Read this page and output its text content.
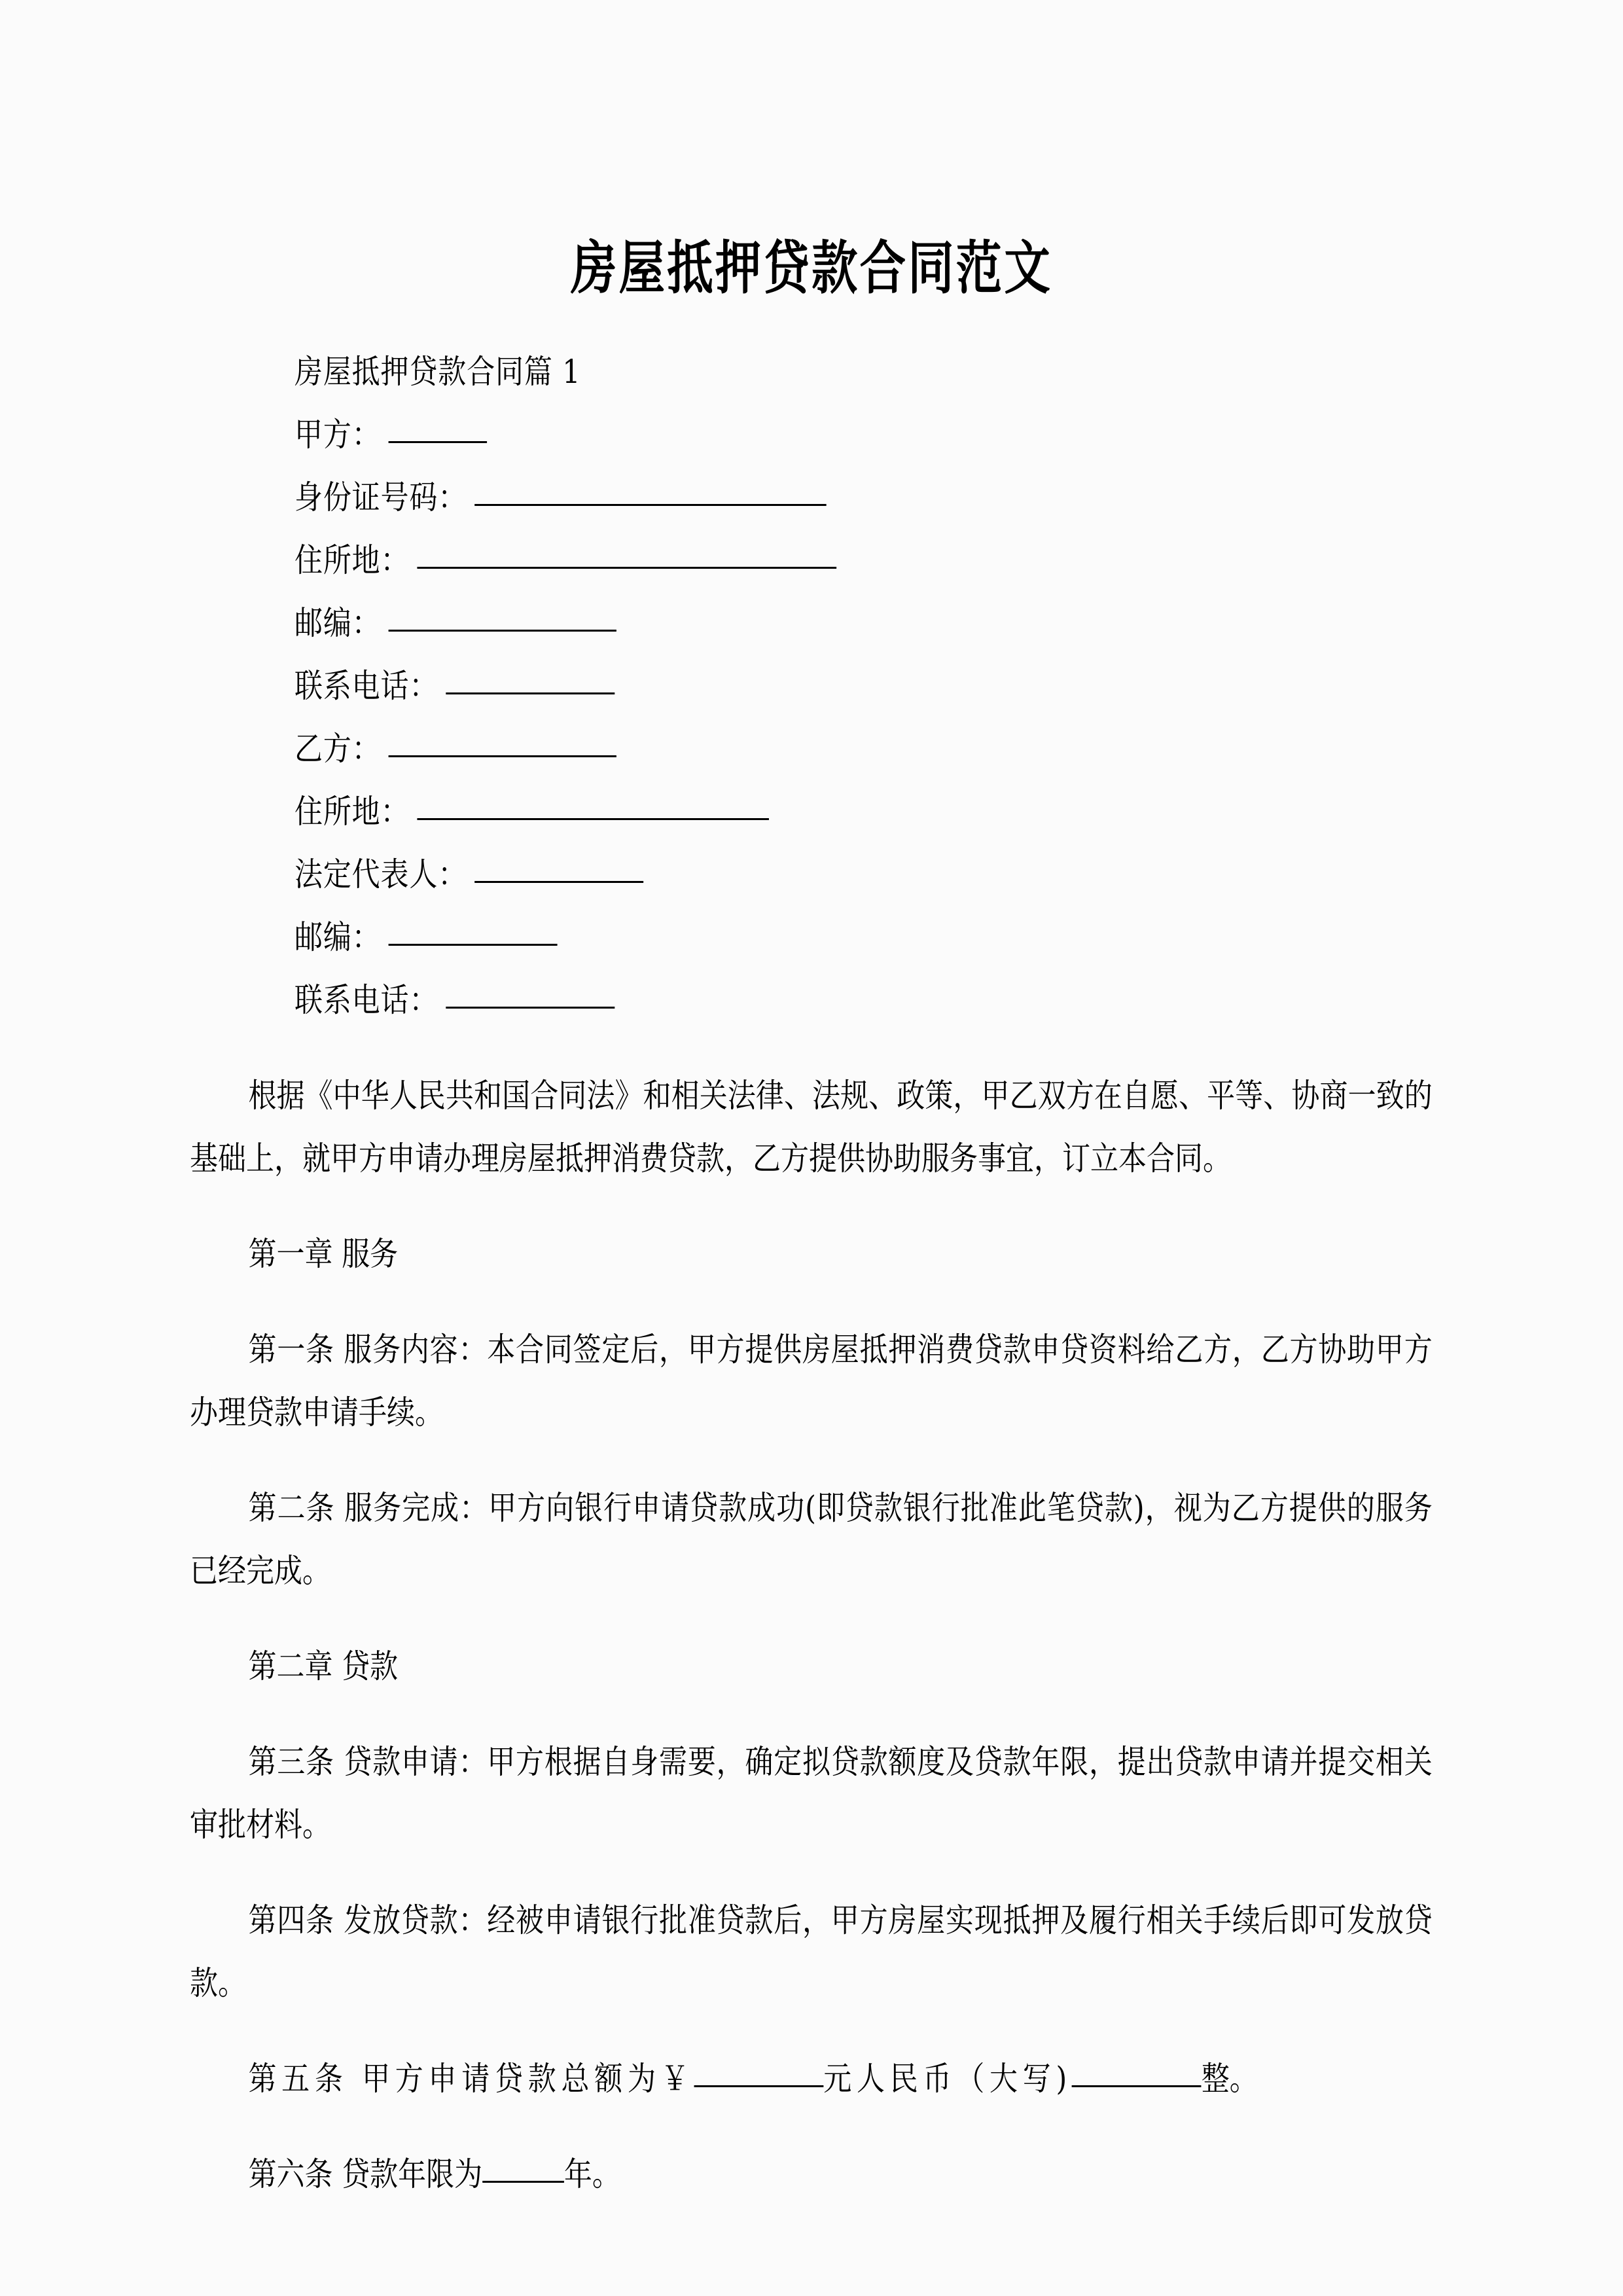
房屋抵押贷款合同范文
房屋抵押贷款合同篇 1
甲方：
身份证号码：
住所地：
邮编：
联系电话：
乙方：
住所地：
法定代表人：
邮编：
联系电话：

根据《中华人民共和国合同法》和相关法律、法规、政策，甲乙双方在自愿、平等、协商一致的基础上，就甲方申请办理房屋抵押消费贷款，乙方提供协助服务事宜，订立本合同。

第一章 服务

第一条 服务内容：本合同签定后，甲方提供房屋抵押消费贷款申贷资料给乙方，乙方协助甲方办理贷款申请手续。

第二条 服务完成：甲方向银行申请贷款成功(即贷款银行批准此笔贷款)，视为乙方提供的服务已经完成。

第二章 贷款

第三条 贷款申请：甲方根据自身需要，确定拟贷款额度及贷款年限，提出贷款申请并提交相关审批材料。

第四条 发放贷款：经被申请银行批准贷款后，甲方房屋实现抵押及履行相关手续后即可发放贷款。

第五条 甲方申请贷款总额为￥	元人民币（大写)	整。

第六条 贷款年限为 年。
